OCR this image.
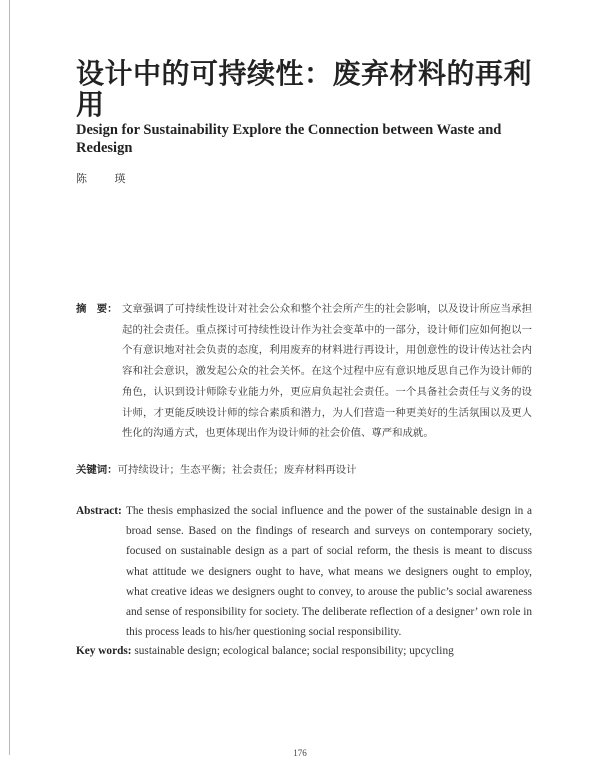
设计中的可持续性：废弃材料的再利用
Design for Sustainability Explore the Connection between Waste and Redesign
陈 瑛
摘　要： 文章强调了可持续性设计对社会公众和整个社会所产生的社会影响，以及设计所应当承担起的社会责任。重点探讨可持续性设计作为社会变革中的一部分，设计师们应如何抱以一个有意识地对社会负责的态度，利用废弃的材料进行再设计，用创意性的设计传达社会内容和社会意识，激发起公众的社会关怀。在这个过程中应有意识地反思自己作为设计师的角色，认识到设计师除专业能力外，更应肩负起社会责任。一个具备社会责任与义务的设计师，才更能反映设计师的综合素质和潜力，为人们营造一种更美好的生活氛围以及更人性化的沟通方式，也更体现出作为设计师的社会价值、尊严和成就。
关键词：可持续设计；生态平衡；社会责任；废弃材料再设计
Abstract: The thesis emphasized the social influence and the power of the sustainable design in a broad sense. Based on the findings of research and surveys on contemporary society, focused on sustainable design as a part of social reform, the thesis is meant to discuss what attitude we designers ought to have, what means we designers ought to employ, what creative ideas we designers ought to convey, to arouse the public’s social awareness and sense of responsibility for society. The deliberate reflection of a designer’ own role in this process leads to his/her questioning social responsibility.
Key words: sustainable design; ecological balance; social responsibility; upcycling
176
